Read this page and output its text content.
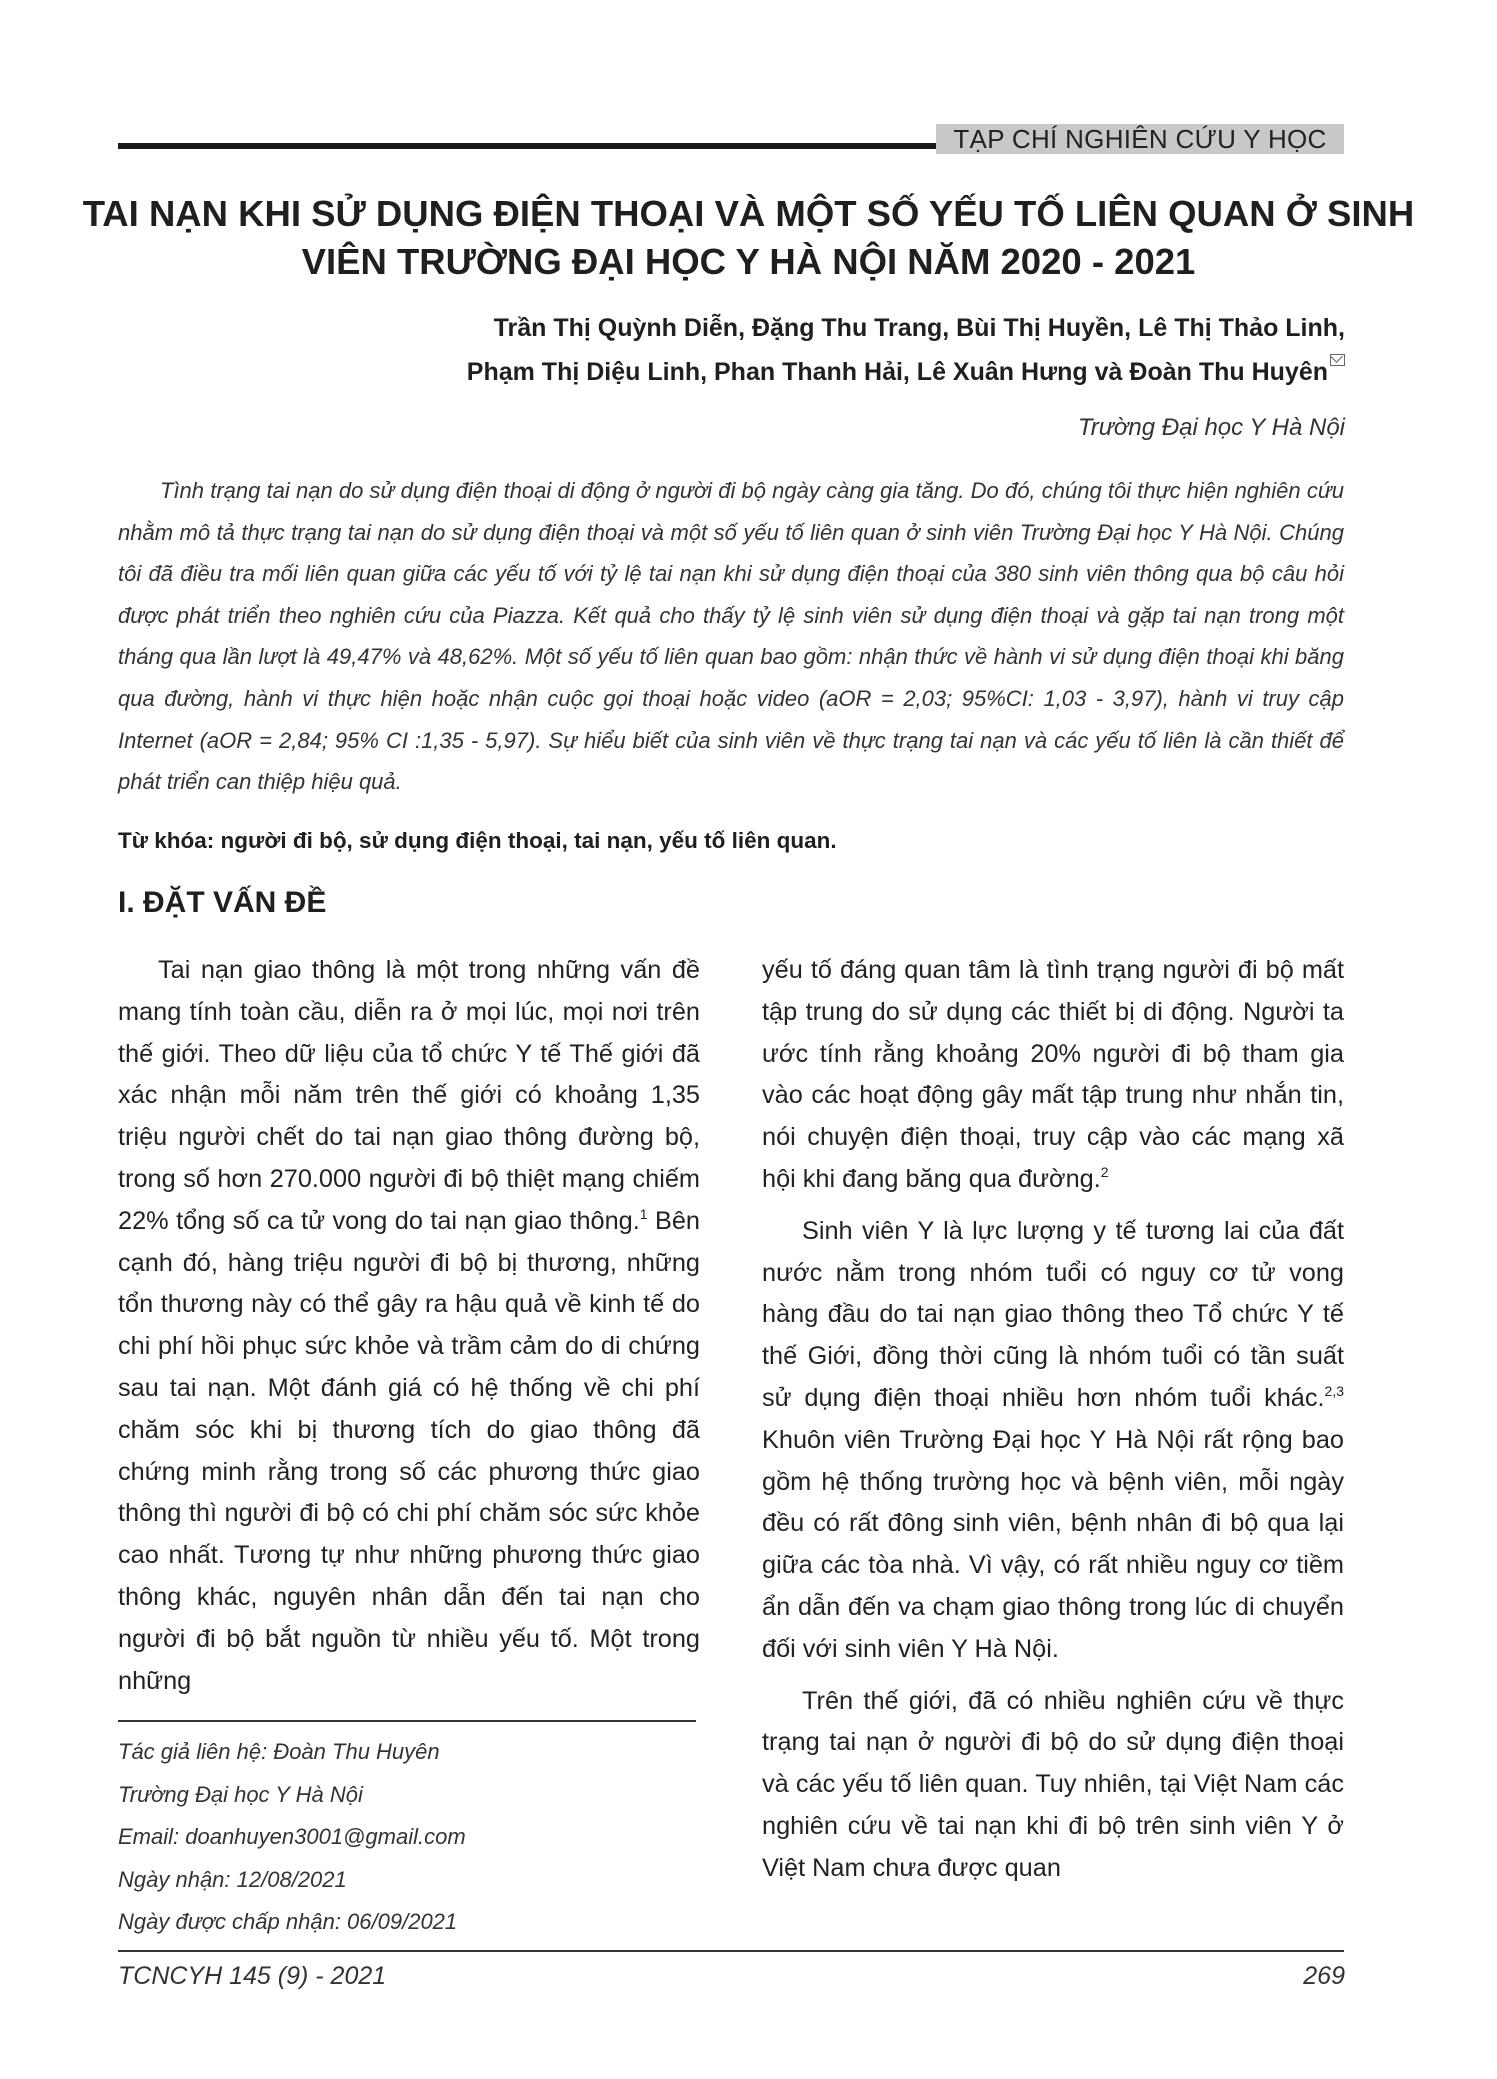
TẠP CHÍ NGHIÊN CỨU Y HỌC
TAI NẠN KHI SỬ DỤNG ĐIỆN THOẠI VÀ MỘT SỐ YẾU TỐ LIÊN QUAN Ở SINH VIÊN TRƯỜNG ĐẠI HỌC Y HÀ NỘI NĂM 2020 - 2021
Trần Thị Quỳnh Diễn, Đặng Thu Trang, Bùi Thị Huyền, Lê Thị Thảo Linh,
Phạm Thị Diệu Linh, Phan Thanh Hải, Lê Xuân Hưng và Đoàn Thu Huyên
Trường Đại học Y Hà Nội

Tình trạng tai nạn do sử dụng điện thoại di động ở người đi bộ ngày càng gia tăng. Do đó, chúng tôi thực hiện nghiên cứu nhằm mô tả thực trạng tai nạn do sử dụng điện thoại và một số yếu tố liên quan ở sinh viên Trường Đại học Y Hà Nội. Chúng tôi đã điều tra mối liên quan giữa các yếu tố với tỷ lệ tai nạn khi sử dụng điện thoại của 380 sinh viên thông qua bộ câu hỏi được phát triển theo nghiên cứu của Piazza. Kết quả cho thấy tỷ lệ sinh viên sử dụng điện thoại và gặp tai nạn trong một tháng qua lần lượt là 49,47% và 48,62%. Một số yếu tố liên quan bao gồm: nhận thức về hành vi sử dụng điện thoại khi băng qua đường, hành vi thực hiện hoặc nhận cuộc gọi thoại hoặc video (aOR = 2,03; 95%CI: 1,03 - 3,97), hành vi truy cập Internet (aOR = 2,84; 95% CI :1,35 - 5,97). Sự hiểu biết của sinh viên về thực trạng tai nạn và các yếu tố liên là cần thiết để phát triển can thiệp hiệu quả.

Từ khóa: người đi bộ, sử dụng điện thoại, tai nạn, yếu tố liên quan.
I. ĐẶT VẤN ĐỀ

Tai nạn giao thông là một trong những vấn đề mang tính toàn cầu, diễn ra ở mọi lúc, mọi nơi trên thế giới. Theo dữ liệu của tổ chức Y tế Thế giới đã xác nhận mỗi năm trên thế giới có khoảng 1,35 triệu người chết do tai nạn giao thông đường bộ, trong số hơn 270.000 người đi bộ thiệt mạng chiếm 22% tổng số ca tử vong do tai nạn giao thông.$^1$ Bên cạnh đó, hàng triệu người đi bộ bị thương, những tổn thương này có thể gây ra hậu quả về kinh tế do chi phí hồi phục sức khỏe và trầm cảm do di chứng sau tai nạn. Một đánh giá có hệ thống về chi phí chăm sóc khi bị thương tích do giao thông đã chứng minh rằng trong số các phương thức giao thông thì người đi bộ có chi phí chăm sóc sức khỏe cao nhất. Tương tự như những phương thức giao thông khác, nguyên nhân dẫn đến tai nạn cho người đi bộ bắt nguồn từ nhiều yếu tố. Một trong những

yếu tố đáng quan tâm là tình trạng người đi bộ mất tập trung do sử dụng các thiết bị di động. Người ta ước tính rằng khoảng 20% người đi bộ tham gia vào các hoạt động gây mất tập trung như nhắn tin, nói chuyện điện thoại, truy cập vào các mạng xã hội khi đang băng qua đường.$^2$

Sinh viên Y là lực lượng y tế tương lai của đất nước nằm trong nhóm tuổi có nguy cơ tử vong hàng đầu do tai nạn giao thông theo Tổ chức Y tế thế Giới, đồng thời cũng là nhóm tuổi có tần suất sử dụng điện thoại nhiều hơn nhóm tuổi khác.$^{2,3}$ Khuôn viên Trường Đại học Y Hà Nội rất rộng bao gồm hệ thống trường học và bệnh viên, mỗi ngày đều có rất đông sinh viên, bệnh nhân đi bộ qua lại giữa các tòa nhà. Vì vậy, có rất nhiều nguy cơ tiềm ẩn dẫn đến va chạm giao thông trong lúc di chuyển đối với sinh viên Y Hà Nội.

Trên thế giới, đã có nhiều nghiên cứu về thực trạng tai nạn ở người đi bộ do sử dụng điện thoại và các yếu tố liên quan. Tuy nhiên, tại Việt Nam các nghiên cứu về tai nạn khi đi bộ trên sinh viên Y ở Việt Nam chưa được quan

Tác giả liên hệ: Đoàn Thu Huyên
Trường Đại học Y Hà Nội
Email: doanhuyen3001@gmail.com
Ngày nhận: 12/08/2021
Ngày được chấp nhận: 06/09/2021
TCNCYH 145 (9) - 2021	269
